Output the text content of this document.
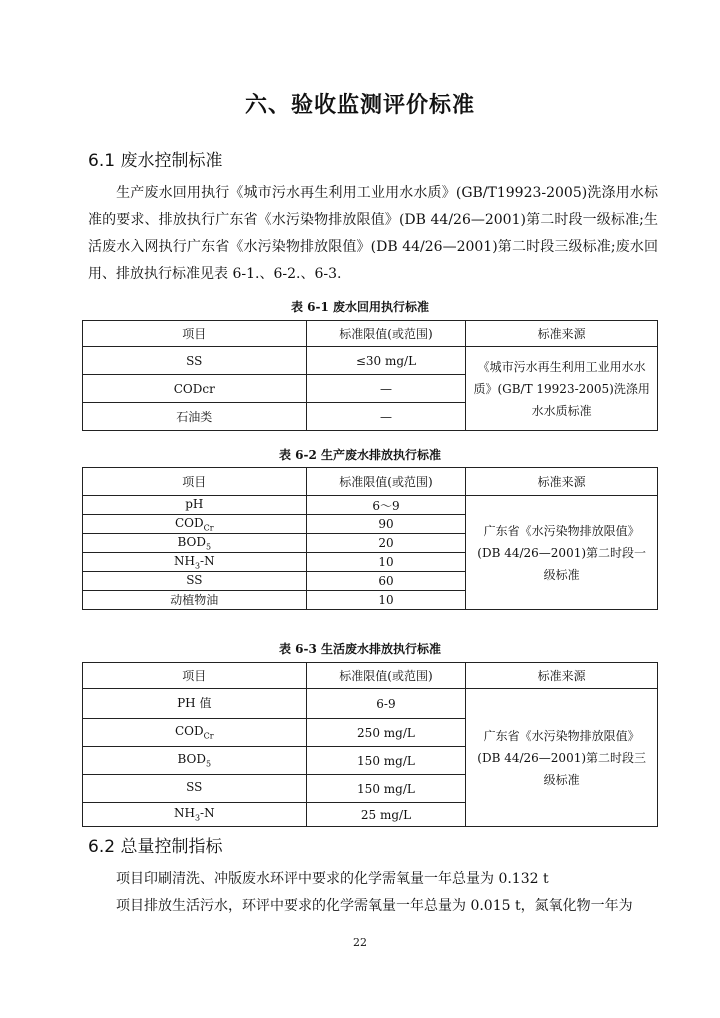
六、验收监测评价标准
6.1 废水控制标准

生产废水回用执行《城市污水再生利用工业用水水质》(GB/T19923-2005)洗涤用水标准的要求、排放执行广东省《水污染物排放限值》(DB 44/26—2001)第二时段一级标准;生活废水入网执行广东省《水污染物排放限值》(DB 44/26—2001)第二时段三级标准;废水回用、排放执行标准见表 6-1.、6-2.、6-3.

表 6-1 废水回用执行标准
项目	标准限值(或范围)	标准来源
SS	≤30 mg/L	《城市污水再生利用工业用水水质》(GB/T 19923-2005)洗涤用水水质标准
CODcr	—	
石油类	—	
表 6-2 生产废水排放执行标准
项目	标准限值(或范围)	标准来源
pH	6～9	广东省《水污染物排放限值》(DB 44/26—2001)第二时段一级标准
$COD_{Cr}$	90	
$BOD_5$	20	
$NH_3-N$	10	
SS	60	
动植物油	10	
表 6-3 生活废水排放执行标准
项目	标准限值(或范围)	标准来源
PH 值	6-9	广东省《水污染物排放限值》(DB 44/26—2001)第二时段三级标准
$COD_{Cr}$	250 mg/L	
$BOD_5$	150 mg/L	
SS	150 mg/L	
$NH_3-N$	25 mg/L	
6.2 总量控制指标

项目印刷清洗、冲版废水环评中要求的化学需氧量一年总量为 0.132 t

项目排放生活污水，环评中要求的化学需氧量一年总量为 0.015 t，氮氧化物一年为

22
